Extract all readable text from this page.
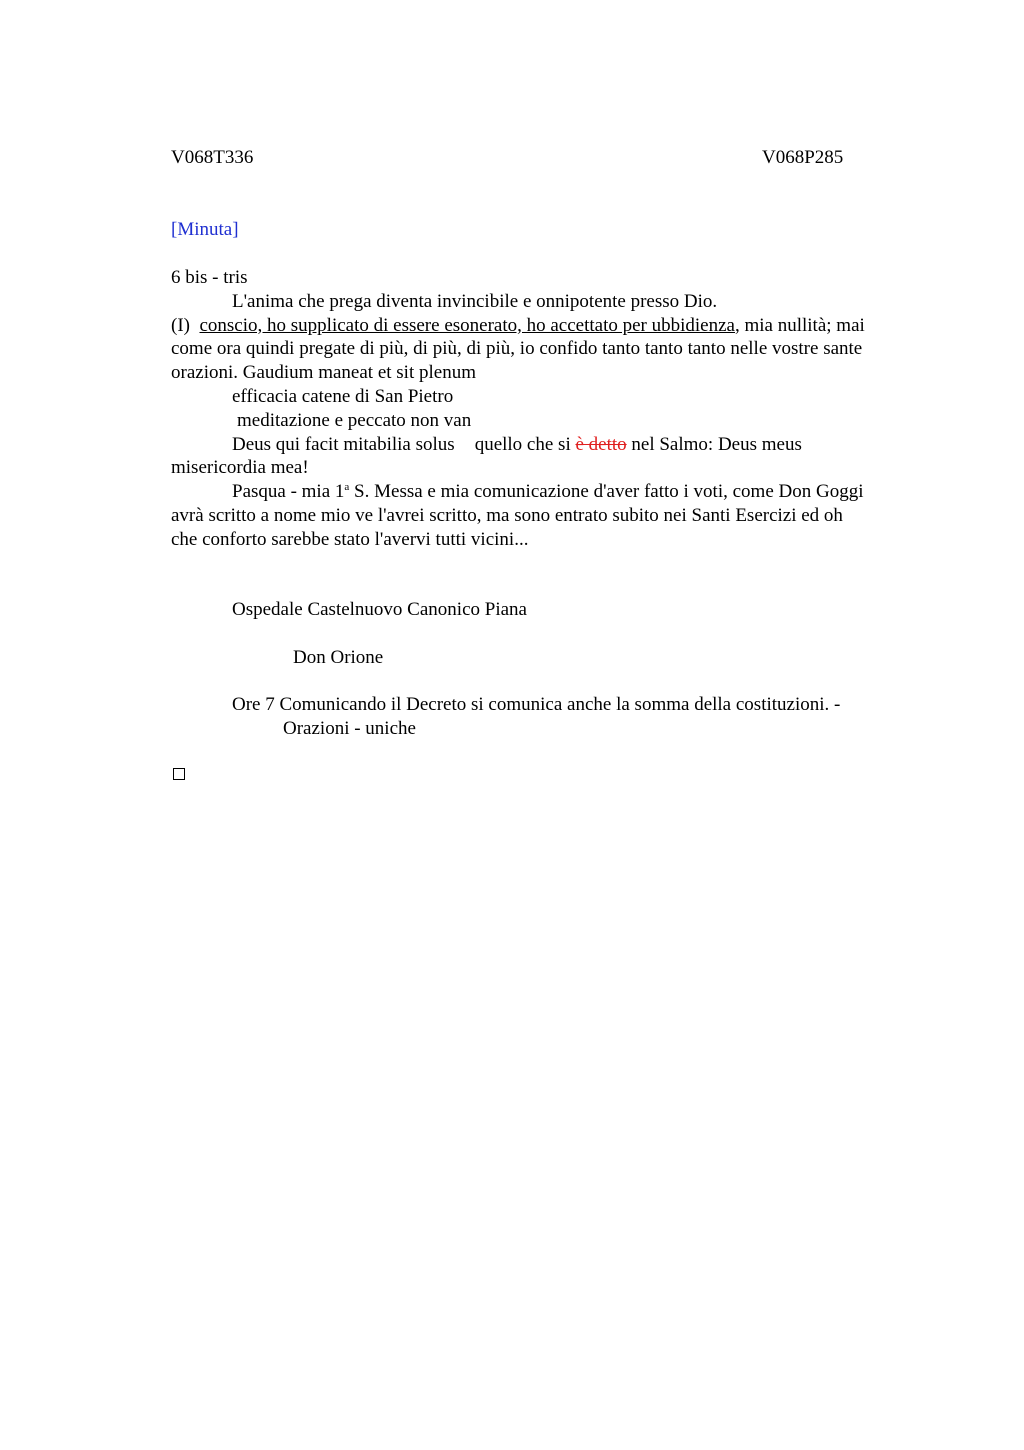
V068T336	V068P285
[Minuta]
6 bis - tris
L'anima che prega diventa invincibile e onnipotente presso Dio.
(I) conscio, ho supplicato di essere esonerato, ho accettato per ubbidienza, mia nullità; mai
come ora quindi pregate di più, di più, di più, io confido tanto tanto tanto nelle vostre sante
orazioni. Gaudium maneat et sit plenum
efficacia catene di San Pietro
meditazione e peccato non van
Deus qui facit mitabilia solus quello che si è detto nel Salmo: Deus meus
misericordia mea!
Pasqua - mia 1$^a$ S. Messa e mia comunicazione d'aver fatto i voti, come Don Goggi
avrà scritto a nome mio ve l'avrei scritto, ma sono entrato subito nei Santi Esercizi ed oh
che conforto sarebbe stato l'avervi tutti vicini...
Ospedale Castelnuovo Canonico Piana
Don Orione
Ore 7 Comunicando il Decreto si comunica anche la somma della costituzioni. -
Orazioni - uniche
